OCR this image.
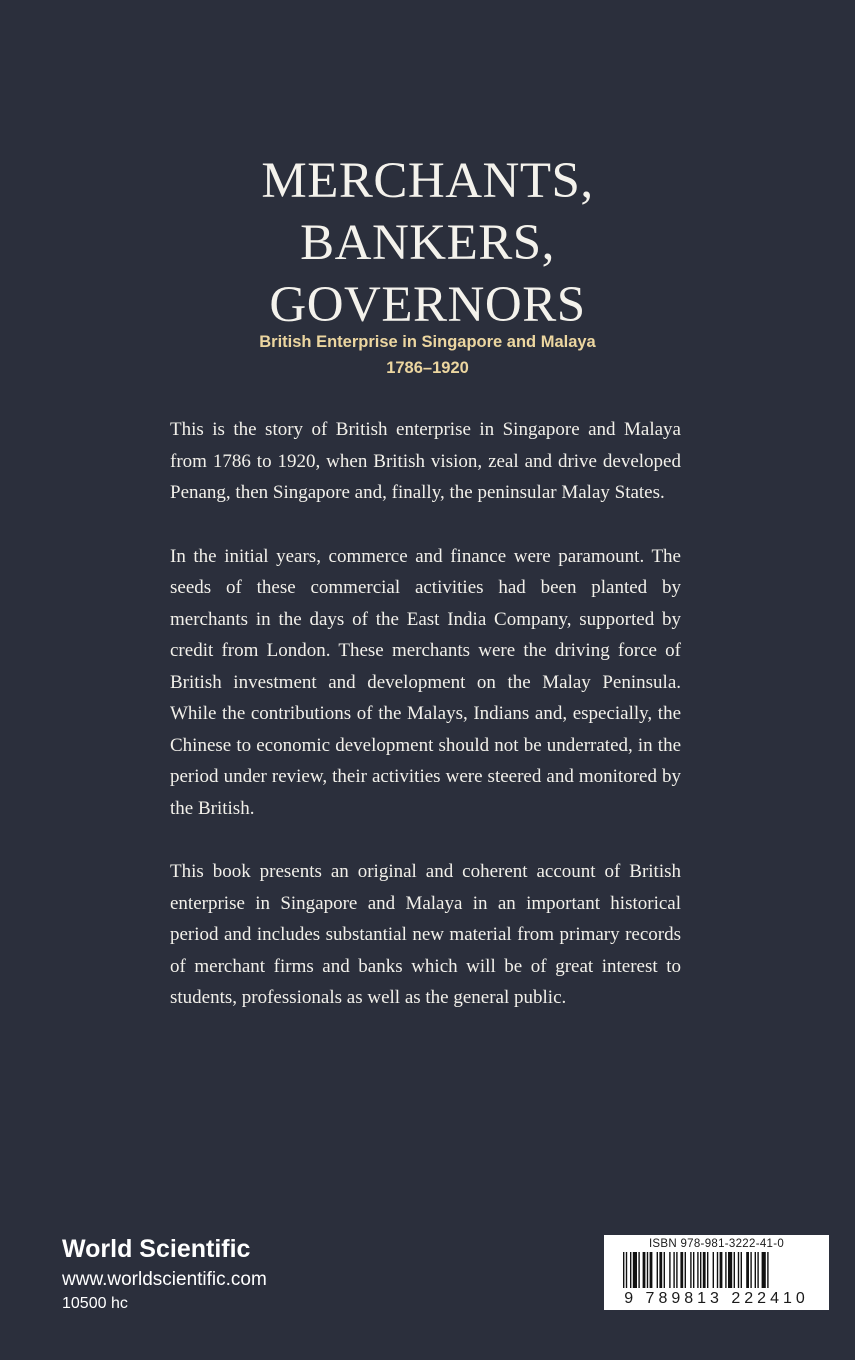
MERCHANTS,
BANKERS,
GOVERNORS
British Enterprise in Singapore and Malaya
1786–1920

This is the story of British enterprise in Singapore and Malaya from 1786 to 1920, when British vision, zeal and drive developed Penang, then Singapore and, finally, the peninsular Malay States.

In the initial years, commerce and finance were paramount. The seeds of these commercial activities had been planted by merchants in the days of the East India Company, supported by credit from London. These merchants were the driving force of British investment and development on the Malay Peninsula. While the contributions of the Malays, Indians and, especially, the Chinese to economic development should not be underrated, in the period under review, their activities were steered and monitored by the British.

This book presents an original and coherent account of British enterprise in Singapore and Malaya in an important historical period and includes substantial new material from primary records of merchant firms and banks which will be of great interest to students, professionals as well as the general public.

World Scientific
www.worldscientific.com
10500 hc
ISBN 978-981-3222-41-0
9 789813 222410
